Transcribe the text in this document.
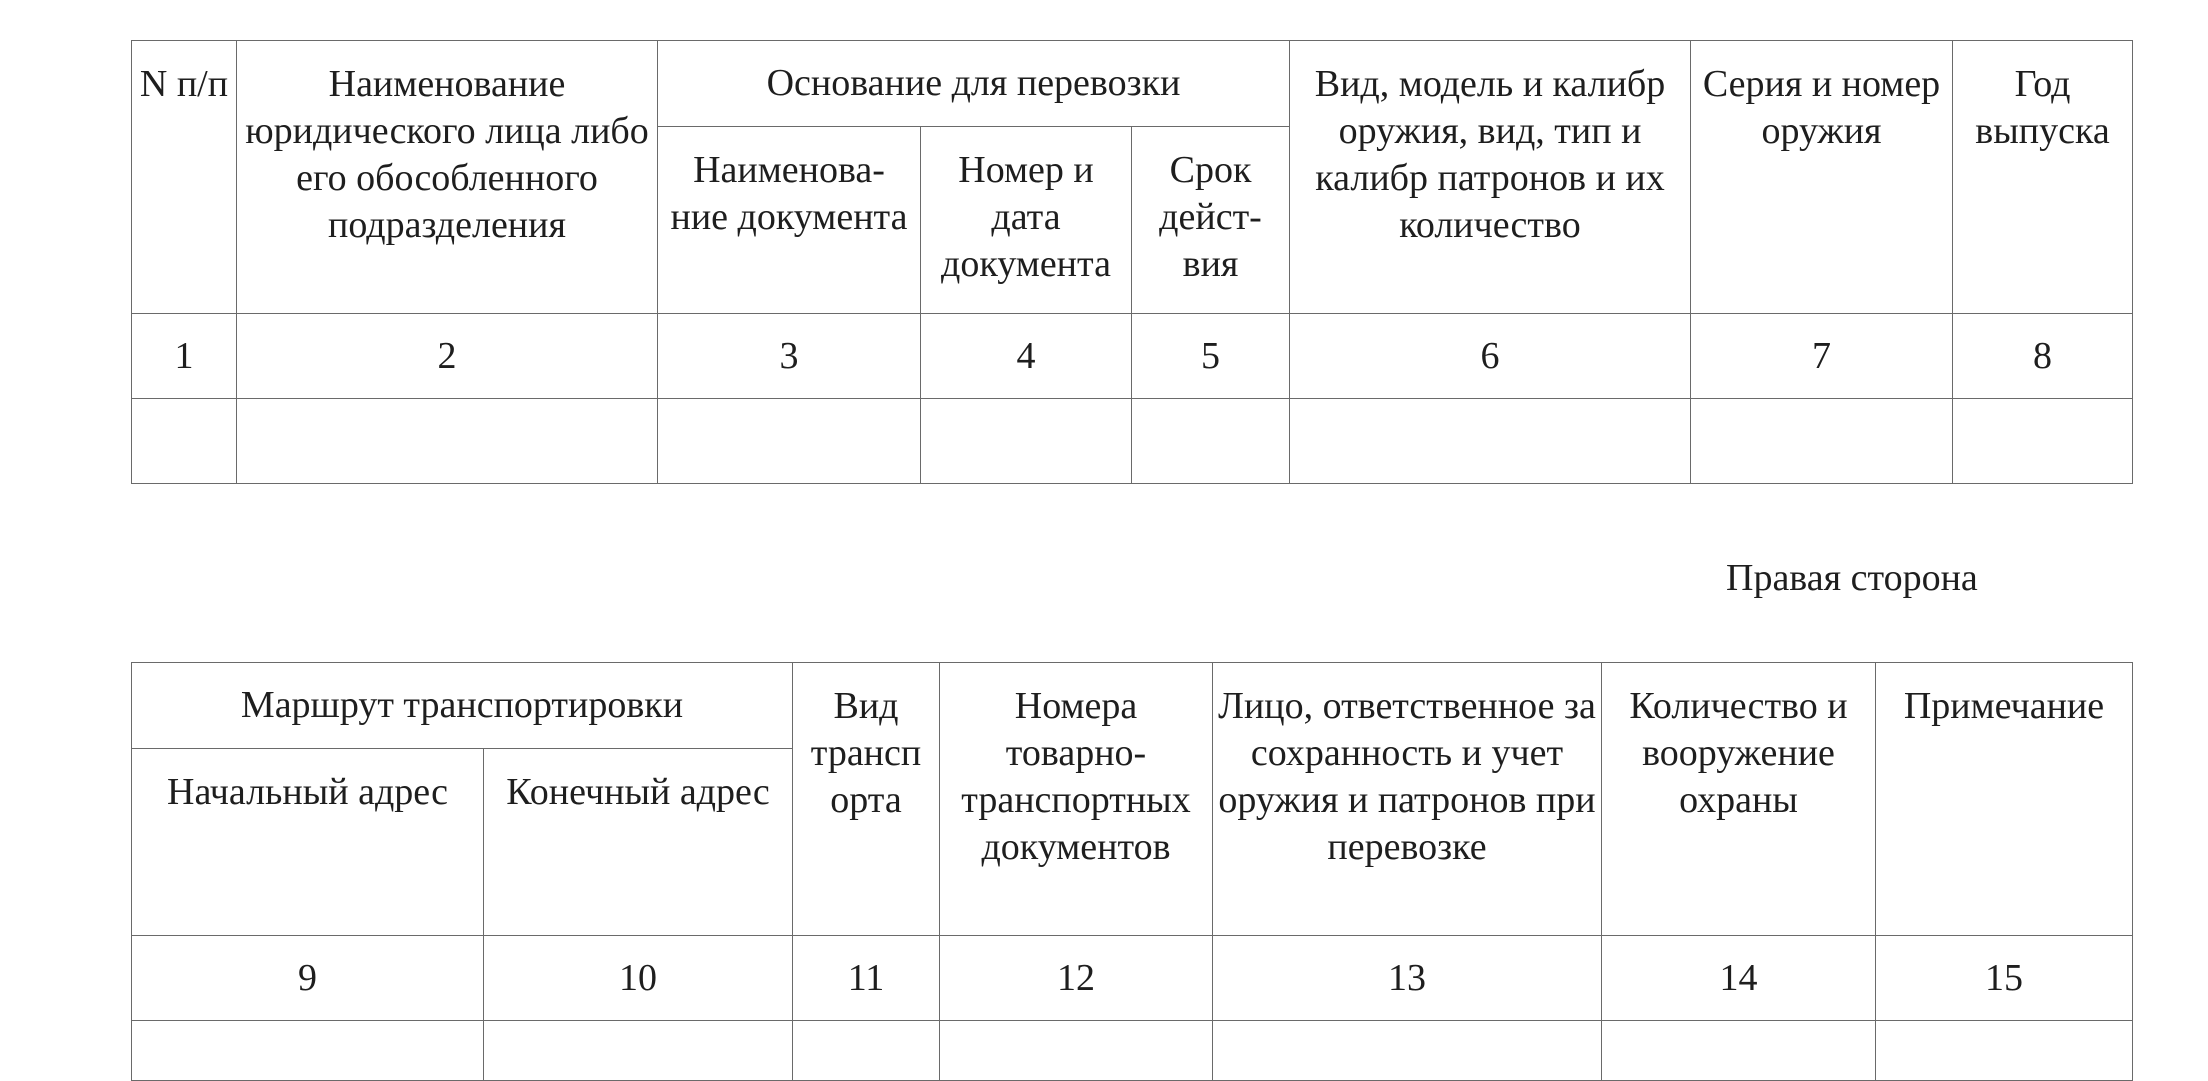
N п/п	Наименование юридического лица либо его обособленного подразделения	Основание для перевозки			Вид, модель и калибр оружия, вид, тип и калибр патронов и их количество	Серия и номер оружия	Год выпуска
		Наименова- ние документа	Номер и дата документа	Срок дейст- вия			
1	2	3	4	5	6	7	8

Правая сторона
Маршрут транспортировки		Вид трансп орта	Номера товарно- транспортных документов	Лицо, ответственное за сохранность и учет оружия и патронов при перевозке	Количество и вооружение охраны	Примечание
Начальный адрес	Конечный адрес					
9	10	11	12	13	14	15
